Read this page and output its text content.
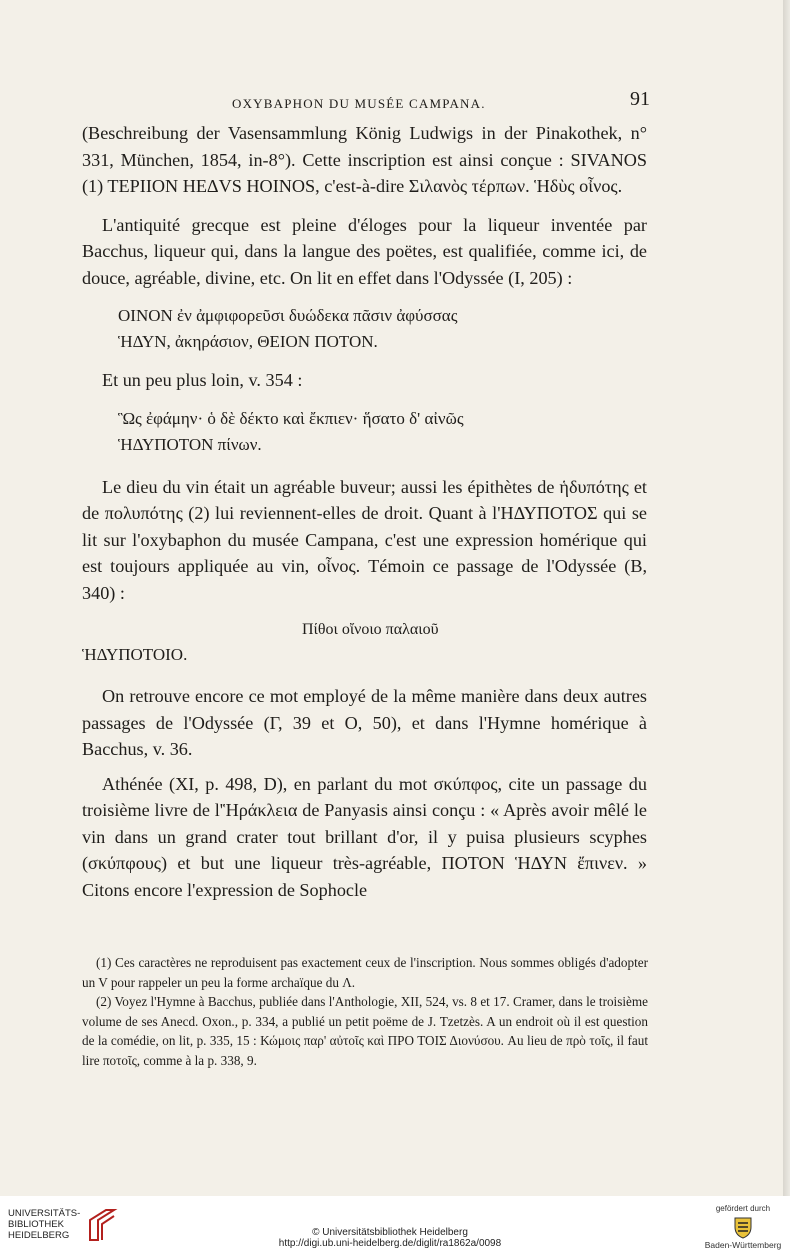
OXYBAPHON DU MUSÉE CAMPANA.	91

(Beschreibung der Vasensammlung König Ludwigs in der Pinakothek, n° 331, München, 1854, in-8°). Cette inscription est ainsi conçue : SIVANOS (1) TEPIION HEΔVS HOINOS, c'est-à-dire Σιλανὸς τέρπων. Ἡδὺς οἶνος.

L'antiquité grecque est pleine d'éloges pour la liqueur inventée par Bacchus, liqueur qui, dans la langue des poëtes, est qualifiée, comme ici, de douce, agréable, divine, etc. On lit en effet dans l'Odyssée (I, 205) :

ΟΙΝΟΝ ἐν ἀμφιφορεῦσι δυώδεκα πᾶσιν ἀφύσσας

ἩΔΥΝ, ἀκηράσιον, ΘΕΙΟΝ ΠΟΤΟΝ.

Et un peu plus loin, v. 354 :

Ὣς ἐφάμην· ὁ δὲ δέκτο καὶ ἔκπιεν· ἥσατο δ' αἰνῶς

ἩΔΥΠΟΤΟΝ πίνων.

Le dieu du vin était un agréable buveur; aussi les épithètes de ἡδυπότης et de πολυπότης (2) lui reviennent-elles de droit. Quant à l'ΗΔΥΠΟΤΟΣ qui se lit sur l'oxybaphon du musée Campana, c'est une expression homérique qui est toujours appliquée au vin, οἶνος. Témoin ce passage de l'Odyssée (B, 340) :

Πίθοι οἴνοιο παλαιοῦ

ἩΔΥΠΟΤΟΙΟ.

On retrouve encore ce mot employé de la même manière dans deux autres passages de l'Odyssée (Γ, 39 et O, 50), et dans l'Hymne homérique à Bacchus, v. 36.

Athénée (XI, p. 498, D), en parlant du mot σκύπφος, cite un passage du troisième livre de l'Ἡράκλεια de Panyasis ainsi conçu : « Après avoir mêlé le vin dans un grand crater tout brillant d'or, il y puisa plusieurs scyphes (σκύπφους) et but une liqueur très-agréable, ΠΟΤΟΝ ἩΔΥΝ ἔπινεν. » Citons encore l'expression de Sophocle

(1) Ces caractères ne reproduisent pas exactement ceux de l'inscription. Nous sommes obligés d'adopter un V pour rappeler un peu la forme archaïque du Λ.

(2) Voyez l'Hymne à Bacchus, publiée dans l'Anthologie, XII, 524, vs. 8 et 17. Cramer, dans le troisième volume de ses Anecd. Oxon., p. 334, a publié un petit poëme de J. Tzetzès. A un endroit où il est question de la comédie, on lit, p. 335, 15 : Κώμοις παρ' αὐτοῖς καὶ ΠΡΟ ΤΟΙΣ Διονύσου. Au lieu de πρὸ τοῖς, il faut lire ποτοῖς, comme à la p. 338, 9.

UNIVERSITÄTS-
BIBLIOTHEK
HEIDELBERG	© Universitätsbibliothek Heidelberg
http://digi.ub.uni-heidelberg.de/diglit/ra1862a/0098
gefördert durch
Baden-Württemberg
